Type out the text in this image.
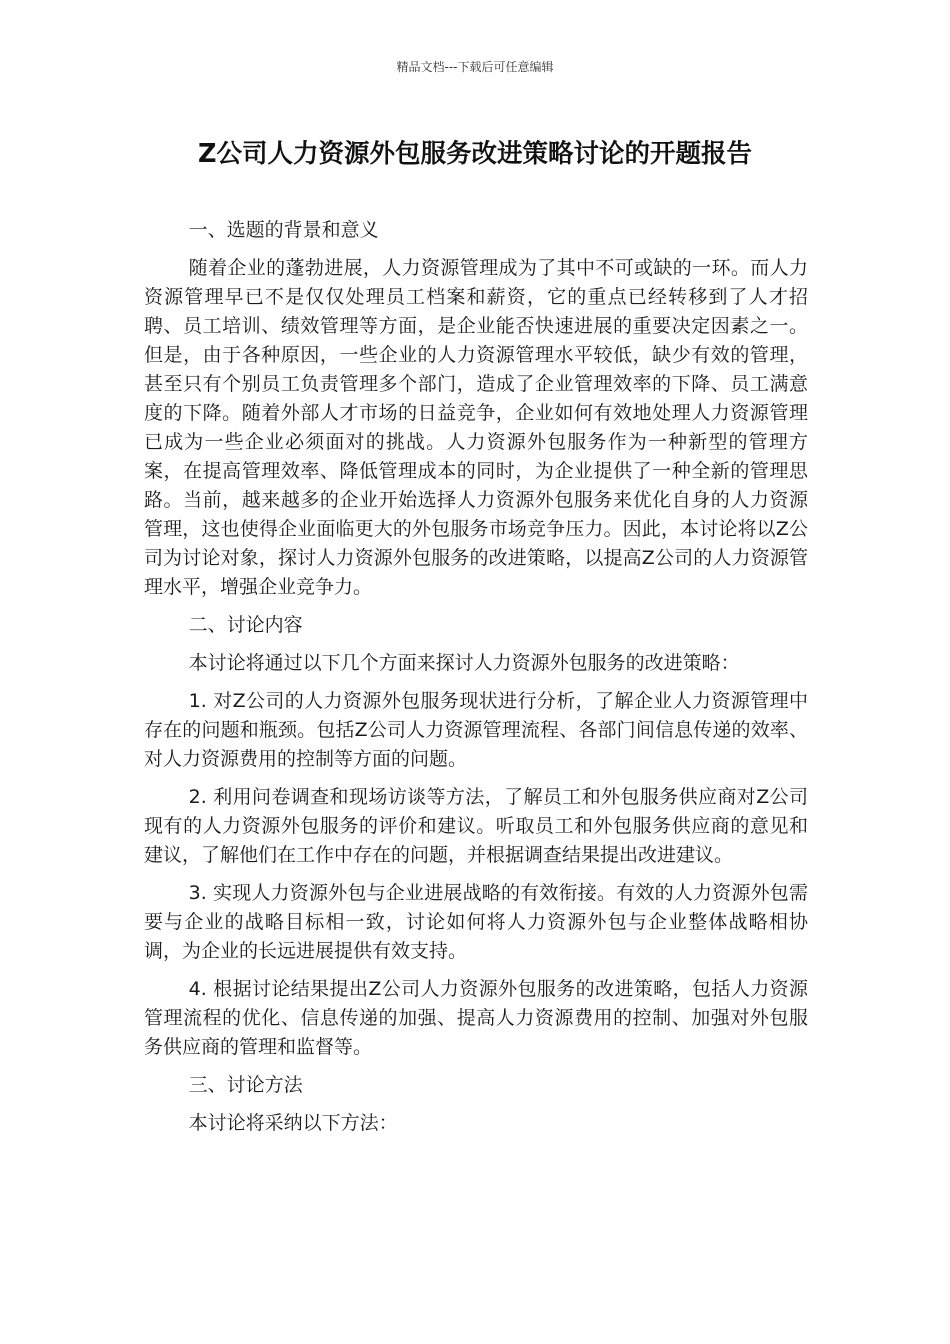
精品文档---下载后可任意编辑
Z公司人力资源外包服务改进策略讨论的开题报告

一、选题的背景和意义

随着企业的蓬勃进展，人力资源管理成为了其中不可或缺的一环。而人力资源管理早已不是仅仅处理员工档案和薪资，它的重点已经转移到了人才招聘、员工培训、绩效管理等方面，是企业能否快速进展的重要决定因素之一。但是，由于各种原因，一些企业的人力资源管理水平较低，缺少有效的管理，甚至只有个别员工负责管理多个部门，造成了企业管理效率的下降、员工满意度的下降。随着外部人才市场的日益竞争，企业如何有效地处理人力资源管理已成为一些企业必须面对的挑战。人力资源外包服务作为一种新型的管理方案，在提高管理效率、降低管理成本的同时，为企业提供了一种全新的管理思路。当前，越来越多的企业开始选择人力资源外包服务来优化自身的人力资源管理，这也使得企业面临更大的外包服务市场竞争压力。因此，本讨论将以Z公司为讨论对象，探讨人力资源外包服务的改进策略，以提高Z公司的人力资源管理水平，增强企业竞争力。

二、讨论内容

本讨论将通过以下几个方面来探讨人力资源外包服务的改进策略：

1. 对Z公司的人力资源外包服务现状进行分析，了解企业人力资源管理中存在的问题和瓶颈。包括Z公司人力资源管理流程、各部门间信息传递的效率、对人力资源费用的控制等方面的问题。

2. 利用问卷调查和现场访谈等方法，了解员工和外包服务供应商对Z公司现有的人力资源外包服务的评价和建议。听取员工和外包服务供应商的意见和建议，了解他们在工作中存在的问题，并根据调查结果提出改进建议。

3. 实现人力资源外包与企业进展战略的有效衔接。有效的人力资源外包需要与企业的战略目标相一致，讨论如何将人力资源外包与企业整体战略相协调，为企业的长远进展提供有效支持。

4. 根据讨论结果提出Z公司人力资源外包服务的改进策略，包括人力资源管理流程的优化、信息传递的加强、提高人力资源费用的控制、加强对外包服务供应商的管理和监督等。

三、讨论方法

本讨论将采纳以下方法：
